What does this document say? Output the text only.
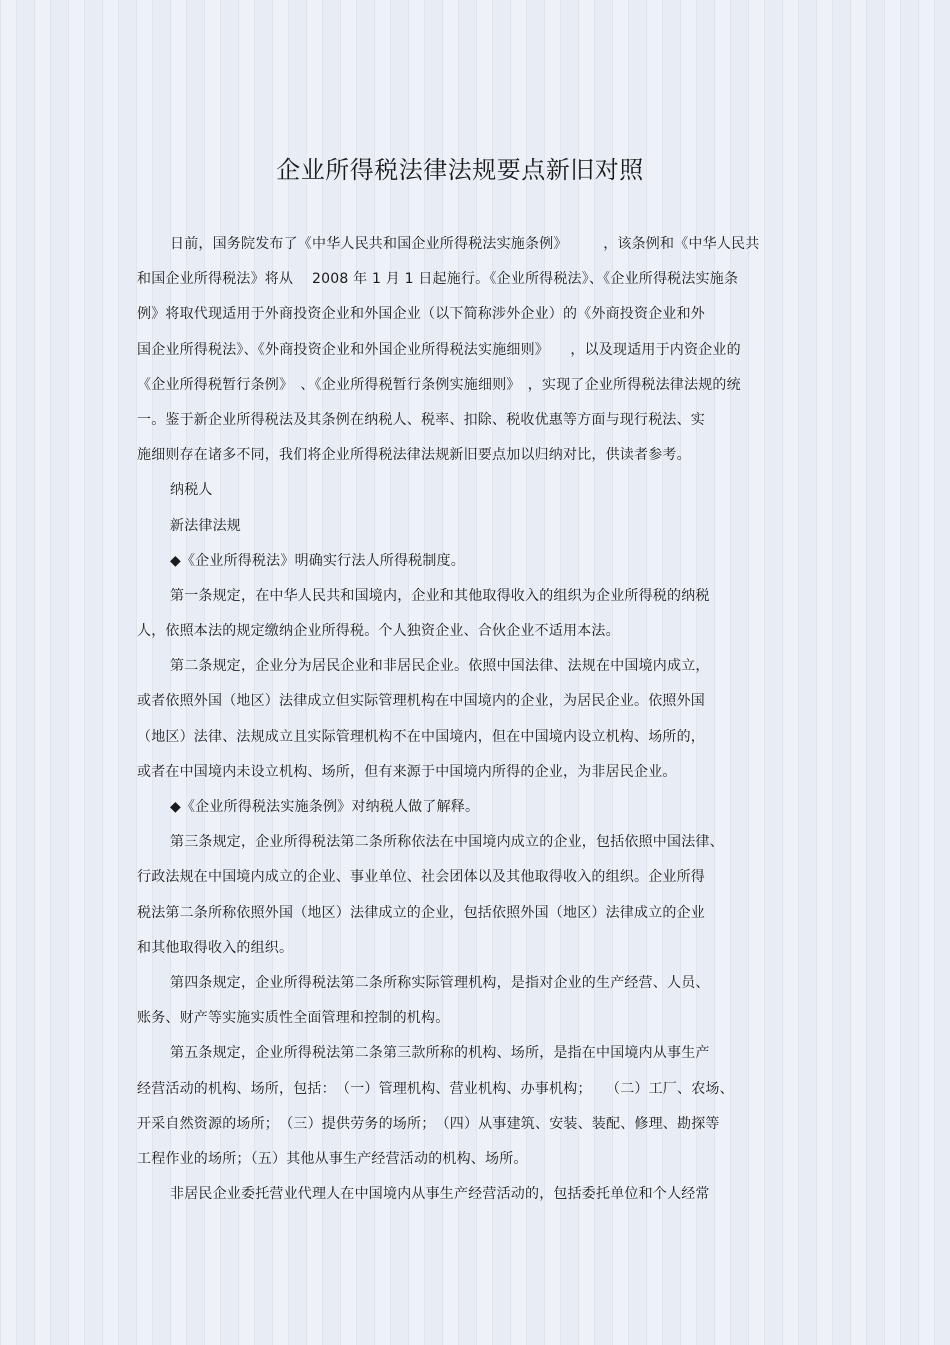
企业所得税法律法规要点新旧对照
日前，国务院发布了《中华人民共和国企业所得税法实施条例》　　　，该条例和《中华人民共
和国企业所得税法》将从　 2008 年 1 月 1 日起施行。《企业所得税法》、《企业所得税法实施条
例》将取代现适用于外商投资企业和外国企业（以下简称涉外企业）的《外商投资企业和外
国企业所得税法》、《外商投资企业和外国企业所得税法实施细则》　　，以及现适用于内资企业的
《企业所得税暂行条例》　、《企业所得税暂行条例实施细则》　，实现了企业所得税法律法规的统
一。鉴于新企业所得税法及其条例在纳税人、税率、扣除、税收优惠等方面与现行税法、实
施细则存在诸多不同，我们将企业所得税法律法规新旧要点加以归纳对比，供读者参考。
纳税人
新法律法规
◆《企业所得税法》明确实行法人所得税制度。
第一条规定，在中华人民共和国境内，企业和其他取得收入的组织为企业所得税的纳税
人，依照本法的规定缴纳企业所得税。个人独资企业、合伙企业不适用本法。
第二条规定，企业分为居民企业和非居民企业。依照中国法律、法规在中国境内成立，
或者依照外国（地区）法律成立但实际管理机构在中国境内的企业，为居民企业。依照外国
（地区）法律、法规成立且实际管理机构不在中国境内，但在中国境内设立机构、场所的，
或者在中国境内未设立机构、场所，但有来源于中国境内所得的企业，为非居民企业。
◆《企业所得税法实施条例》对纳税人做了解释。
第三条规定，企业所得税法第二条所称依法在中国境内成立的企业，包括依照中国法律、
行政法规在中国境内成立的企业、事业单位、社会团体以及其他取得收入的组织。企业所得
税法第二条所称依照外国（地区）法律成立的企业，包括依照外国（地区）法律成立的企业
和其他取得收入的组织。
第四条规定，企业所得税法第二条所称实际管理机构，是指对企业的生产经营、人员、
账务、财产等实施实质性全面管理和控制的机构。
第五条规定，企业所得税法第二条第三款所称的机构、场所，是指在中国境内从事生产
经营活动的机构、场所，包括：　（一）管理机构、营业机构、办事机构；　　（二）工厂、农场、
开采自然资源的场所；　（三）提供劳务的场所；　（四）从事建筑、安装、装配、修理、勘探等
工程作业的场所；（五）其他从事生产经营活动的机构、场所。
非居民企业委托营业代理人在中国境内从事生产经营活动的，包括委托单位和个人经常
